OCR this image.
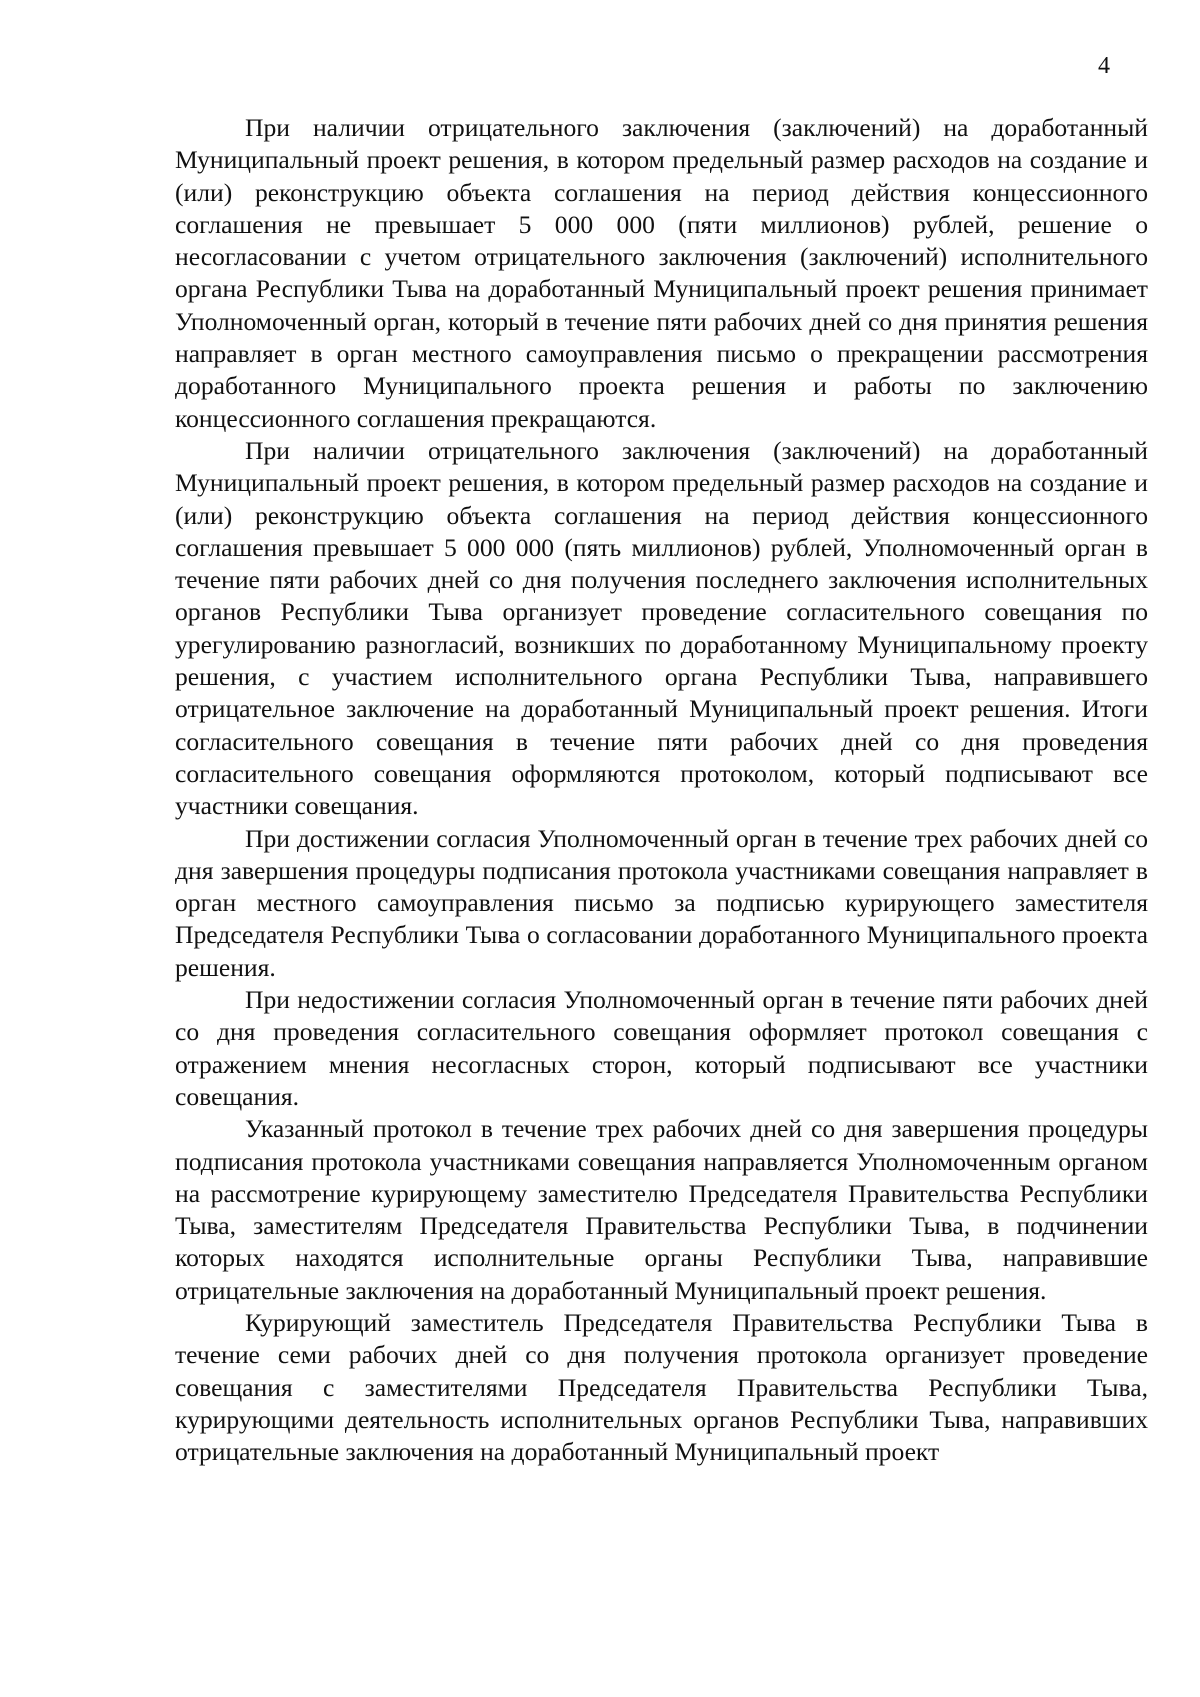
4

При наличии отрицательного заключения (заключений) на доработанный Муниципальный проект решения, в котором предельный размер расходов на создание и (или) реконструкцию объекта соглашения на период действия концессионного соглашения не превышает 5 000 000 (пяти миллионов) рублей, решение о несогласовании с учетом отрицательного заключения (заключений) исполнительного органа Республики Тыва на доработанный Муниципальный проект решения принимает Уполномоченный орган, который в течение пяти рабочих дней со дня принятия решения направляет в орган местного самоуправления письмо о прекращении рассмотрения доработанного Муниципального проекта решения и работы по заключению концессионного соглашения прекращаются.

При наличии отрицательного заключения (заключений) на доработанный Муниципальный проект решения, в котором предельный размер расходов на создание и (или) реконструкцию объекта соглашения на период действия концессионного соглашения превышает 5 000 000 (пять миллионов) рублей, Уполномоченный орган в течение пяти рабочих дней со дня получения последнего заключения исполнительных органов Республики Тыва организует проведение согласительного совещания по урегулированию разногласий, возникших по доработанному Муниципальному проекту решения, с участием исполнительного органа Республики Тыва, направившего отрицательное заключение на доработанный Муниципальный проект решения. Итоги согласительного совещания в течение пяти рабочих дней со дня проведения согласительного совещания оформляются протоколом, который подписывают все участники совещания.

При достижении согласия Уполномоченный орган в течение трех рабочих дней со дня завершения процедуры подписания протокола участниками совещания направляет в орган местного самоуправления письмо за подписью курирующего заместителя Председателя Республики Тыва о согласовании доработанного Муниципального проекта решения.

При недостижении согласия Уполномоченный орган в течение пяти рабочих дней со дня проведения согласительного совещания оформляет протокол совещания с отражением мнения несогласных сторон, который подписывают все участники совещания.

Указанный протокол в течение трех рабочих дней со дня завершения процедуры подписания протокола участниками совещания направляется Уполномоченным органом на рассмотрение курирующему заместителю Председателя Правительства Республики Тыва, заместителям Председателя Правительства Республики Тыва, в подчинении которых находятся исполнительные органы Республики Тыва, направившие отрицательные заключения на доработанный Муниципальный проект решения.

Курирующий заместитель Председателя Правительства Республики Тыва в течение семи рабочих дней со дня получения протокола организует проведение совещания с заместителями Председателя Правительства Республики Тыва, курирующими деятельность исполнительных органов Республики Тыва, направивших отрицательные заключения на доработанный Муниципальный проект
